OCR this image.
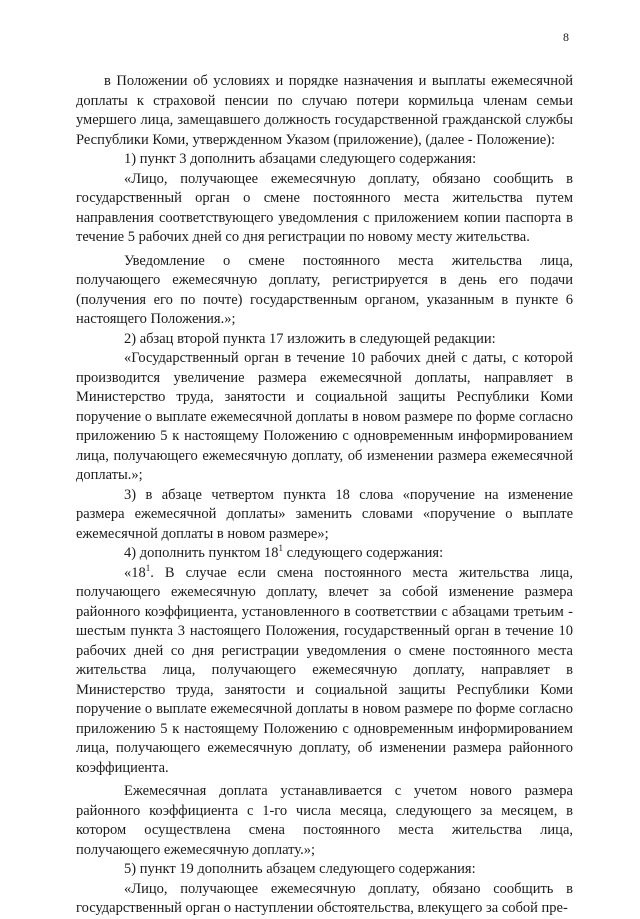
8

в Положении об условиях и порядке назначения и выплаты ежемесячной доплаты к страховой пенсии по случаю потери кормильца членам семьи умершего лица, замещавшего должность государственной гражданской службы Республики Коми, утвержденном Указом (приложение), (далее - Положение):

1) пункт 3 дополнить абзацами следующего содержания:

«Лицо, получающее ежемесячную доплату, обязано сообщить в государственный орган о смене постоянного места жительства путем направления соответствующего уведомления с приложением копии паспорта в течение 5 рабочих дней со дня регистрации по новому месту жительства.

Уведомление о смене постоянного места жительства лица, получающего ежемесячную доплату, регистрируется в день его подачи (получения его по почте) государственным органом, указанным в пункте 6 настоящего Положения.»;

2) абзац второй пункта 17 изложить в следующей редакции:

«Государственный орган в течение 10 рабочих дней с даты, с которой производится увеличение размера ежемесячной доплаты, направляет в Министерство труда, занятости и социальной защиты Республики Коми поручение о выплате ежемесячной доплаты в новом размере по форме согласно приложению 5 к настоящему Положению с одновременным информированием лица, получающего ежемесячную доплату, об изменении размера ежемесячной доплаты.»;

3) в абзаце четвертом пункта 18 слова «поручение на изменение размера ежемесячной доплаты» заменить словами «поручение о выплате ежемесячной доплаты в новом размере»;

4) дополнить пунктом $18^1$ следующего содержания:

«$18^1$. В случае если смена постоянного места жительства лица, получающего ежемесячную доплату, влечет за собой изменение размера районного коэффициента, установленного в соответствии с абзацами третьим - шестым пункта 3 настоящего Положения, государственный орган в течение 10 рабочих дней со дня регистрации уведомления о смене постоянного места жительства лица, получающего ежемесячную доплату, направляет в Министерство труда, занятости и социальной защиты Республики Коми поручение о выплате ежемесячной доплаты в новом размере по форме согласно приложению 5 к настоящему Положению с одновременным информированием лица, получающего ежемесячную доплату, об изменении размера районного коэффициента.

Ежемесячная доплата устанавливается с учетом нового размера районного коэффициента с 1-го числа месяца, следующего за месяцем, в котором осуществлена смена постоянного места жительства лица, получающего ежемесячную доплату.»;

5) пункт 19 дополнить абзацем следующего содержания:

«Лицо, получающее ежемесячную доплату, обязано сообщить в государственный орган о наступлении обстоятельства, влекущего за собой пре-
